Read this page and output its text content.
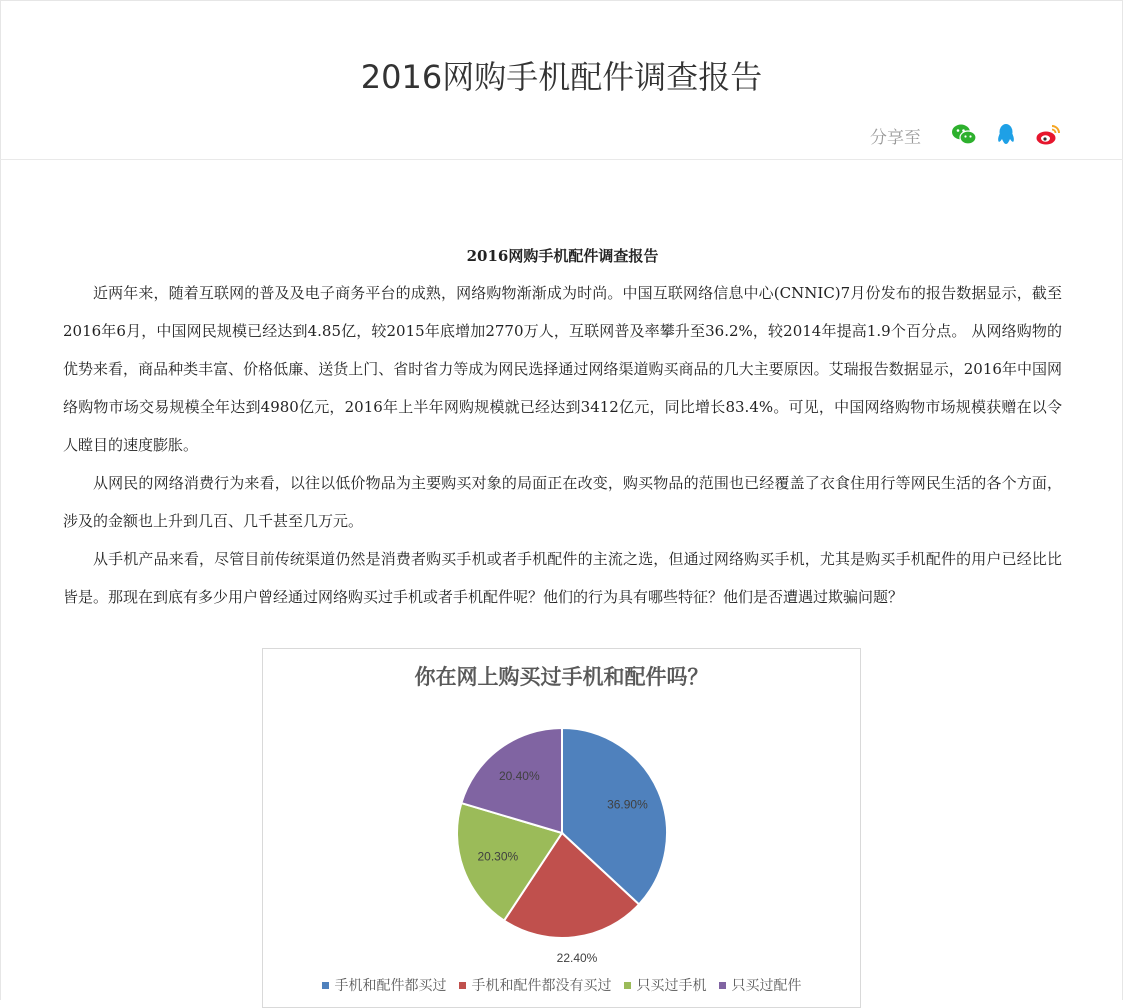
2016网购手机配件调查报告
分享至
2016网购手机配件调查报告

近两年来，随着互联网的普及及电子商务平台的成熟，网络购物渐渐成为时尚。中国互联网络信息中心(CNNIC)7月份发布的报告数据显示，截至2016年6月，中国网民规模已经达到4.85亿，较2015年底增加2770万人，互联网普及率攀升至36.2%，较2014年提高1.9个百分点。 从网络购物的优势来看，商品种类丰富、价格低廉、送货上门、省时省力等成为网民选择通过网络渠道购买商品的几大主要原因。艾瑞报告数据显示，2016年中国网络购物市场交易规模全年达到4980亿元，2016年上半年网购规模就已经达到3412亿元，同比增长83.4%。可见，中国网络购物市场规模获赠在以令人瞠目的速度膨胀。

从网民的网络消费行为来看，以往以低价物品为主要购买对象的局面正在改变，购买物品的范围也已经覆盖了衣食住用行等网民生活的各个方面，涉及的金额也上升到几百、几千甚至几万元。

从手机产品来看，尽管目前传统渠道仍然是消费者购买手机或者手机配件的主流之选，但通过网络购买手机，尤其是购买手机配件的用户已经比比皆是。那现在到底有多少用户曾经通过网络购买过手机或者手机配件呢？他们的行为具有哪些特征？他们是否遭遇过欺骗问题？

你在网上购买过手机和配件吗？
36.90%
22.40%
20.30%
20.40%
手机和配件都买过 手机和配件都没有买过 只买过手机 只买过配件
